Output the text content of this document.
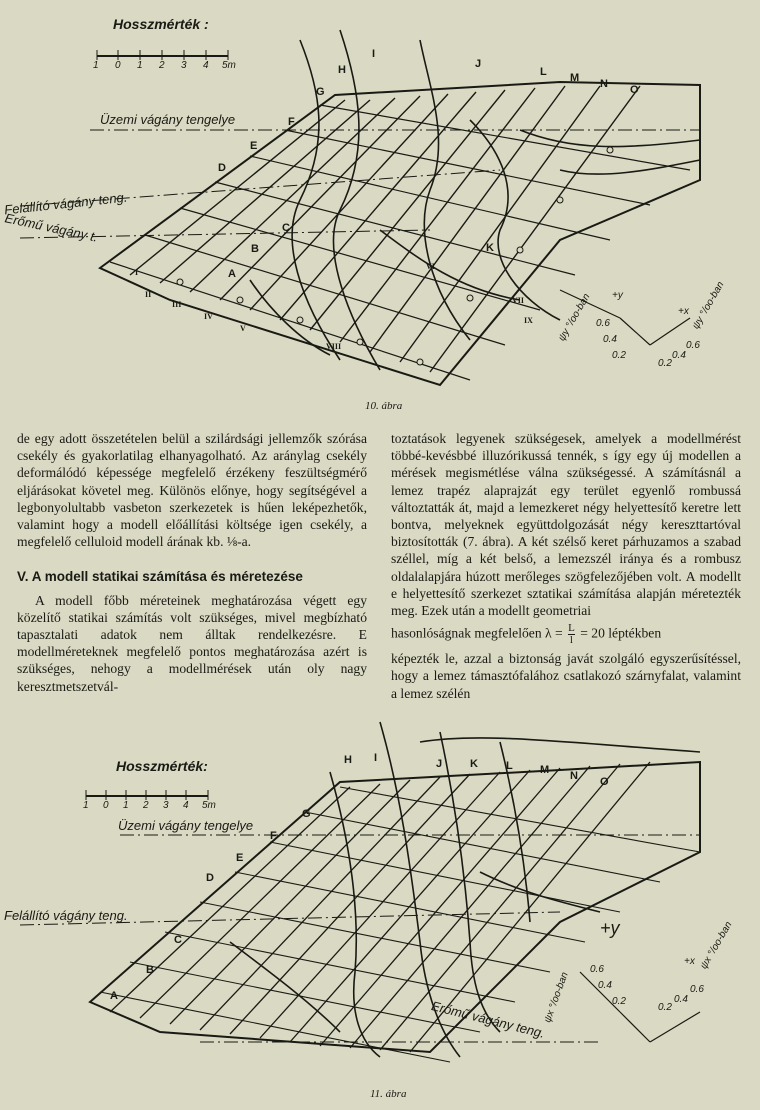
Hosszmérték :
1 0 1 2 3 4 5m
Üzemi vágány tengelye
Felállító vágány teng.
Erőmű vágány t.
A
B
C
D
E
F
G
H
I
J
K
L M N O
I
II
III
IV
V
VI
VII
VIII
IX ψy °/oo-ban +y
0.6
0.4
0.2
+x
0.2
0.4
0.6
ψy °/oo-ban
10. ábra

de egy adott összetételen belül a szilárdsági jellemzők szórása csekély és gyakorlatilag elhanyagolható. Az aránylag csekély deformálódó képessége megfelelő érzékeny feszültségmérő eljárásokat követel meg. Különös előnye, hogy segítségével a legbonyolultabb vasbeton szerkezetek is hűen leképezhetők, valamint hogy a modell előállítási költsége igen csekély, a megfelelő celluloid modell árának kb. ⅛-a.

V. A modell statikai számítása és méretezése

A modell főbb méreteinek meghatározása végett egy közelítő statikai számítás volt szükséges, mivel megbízható tapasztalati adatok nem álltak rendelkezésre. E modellméreteknek megfelelő pontos meghatározása azért is szükséges, nehogy a modellmérések után oly nagy keresztmetszetvál-

toztatások legyenek szükségesek, amelyek a modellmérést többé-kevésbbé illuzórikussá tennék, s így egy új modellen a mérések megismétlése válna szükségessé. A számításnál a lemez trapéz alaprajzát egy terület egyenlő rombussá változtatták át, majd a lemezkeret négy helyettesítő keretre lett bontva, melyeknek együttdolgozását négy kereszttartóval biztosították (7. ábra). A két szélső keret párhuzamos a szabad széllel, míg a két belső, a lemezszél iránya és a rombusz oldalalapjára húzott merőleges szögfelezőjében volt. A modellt e helyettesítő szerkezet sztatikai számítása alapján méretezték meg. Ezek után a modellt geometriai

hasonlóságnak megfelelően $\lambda = \frac{L}{l} = 20$ léptékben

képezték le, azzal a biztonság javát szolgáló egyszerűsítéssel, hogy a lemez támasztófalához csatlakozó szárnyfalat, valamint a lemez szélén

Hosszmérték:
1 0 1 2 3 4 5m
Üzemi vágány tengelye
Felállító vágány teng.
Erőmű vágány teng.
A
B
C
D
E
F
G
H I	J	K	L M N O
ψx °/oo-ban
+y
0.6
0.4
0.2
+x
0.2
0.4
0.6
ψx °/oo-ban
11. ábra
